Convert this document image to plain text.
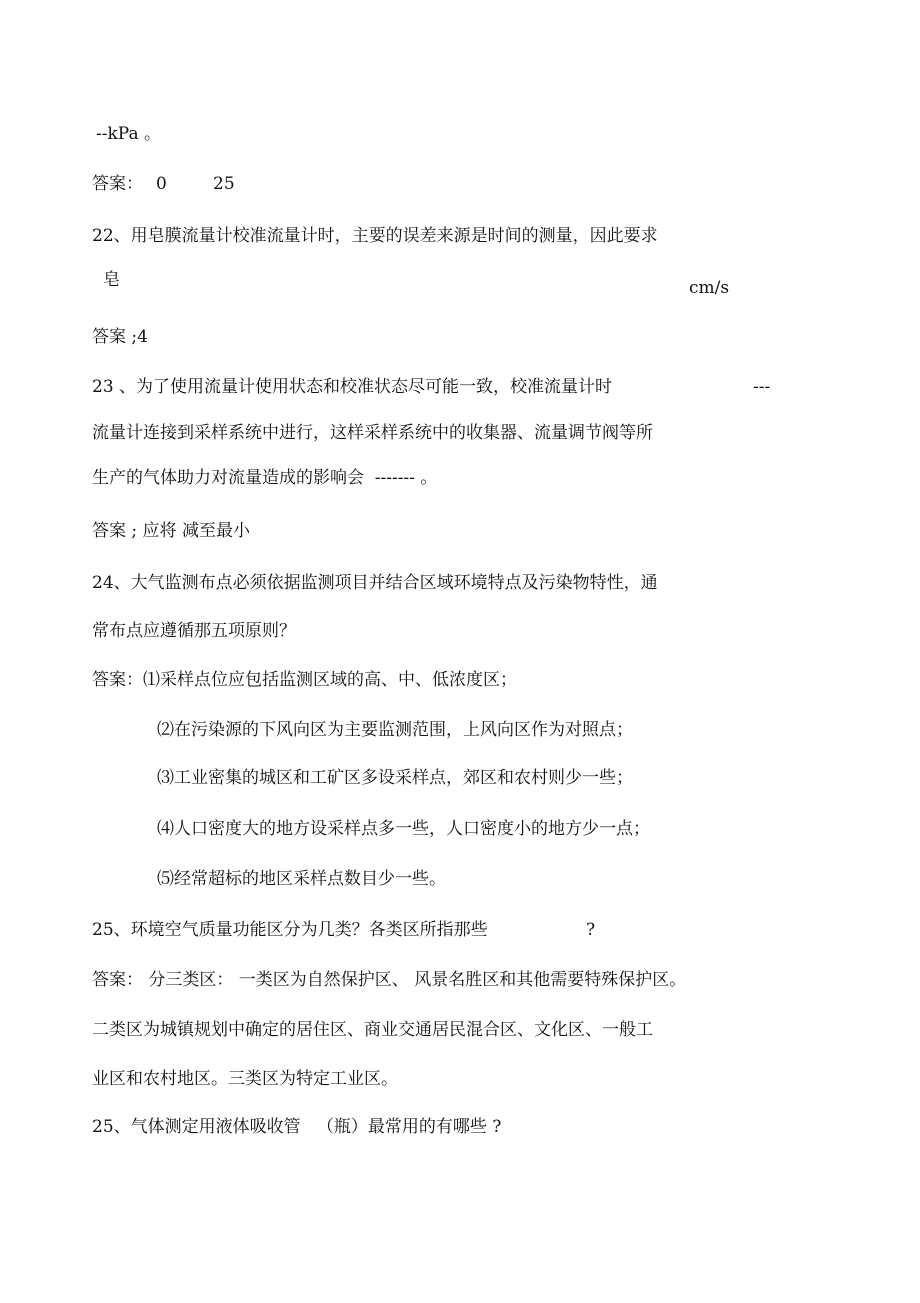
--kPa 。
答案： 0	25
22、用皂膜流量计校准流量计时，主要的误差来源是时间的测量，因此要求
皂	cm/s
答案 ;4
23 、为了使用流量计使用状态和校准状态尽可能一致，校准流量计时	---
流量计连接到采样系统中进行，这样采样系统中的收集器、流量调节阀等所
生产的气体助力对流量造成的影响会  ------- 。
答案 ; 应将 减至最小
24、大气监测布点必须依据监测项目并结合区域环境特点及污染物特性，通
常布点应遵循那五项原则？
答案：⑴采样点位应包括监测区域的高、中、低浓度区；
⑵在污染源的下风向区为主要监测范围，上风向区作为对照点；
⑶工业密集的城区和工矿区多设采样点，郊区和农村则少一些；
⑷人口密度大的地方设采样点多一些，人口密度小的地方少一点；
⑸经常超标的地区采样点数目少一些。
25、环境空气质量功能区分为几类？各类区所指那些	?
答案： 分三类区： 一类区为自然保护区、 风景名胜区和其他需要特殊保护区。
二类区为城镇规划中确定的居住区、商业交通居民混合区、文化区、一般工
业区和农村地区。三类区为特定工业区。
25、气体测定用液体吸收管   （瓶）最常用的有哪些 ?
